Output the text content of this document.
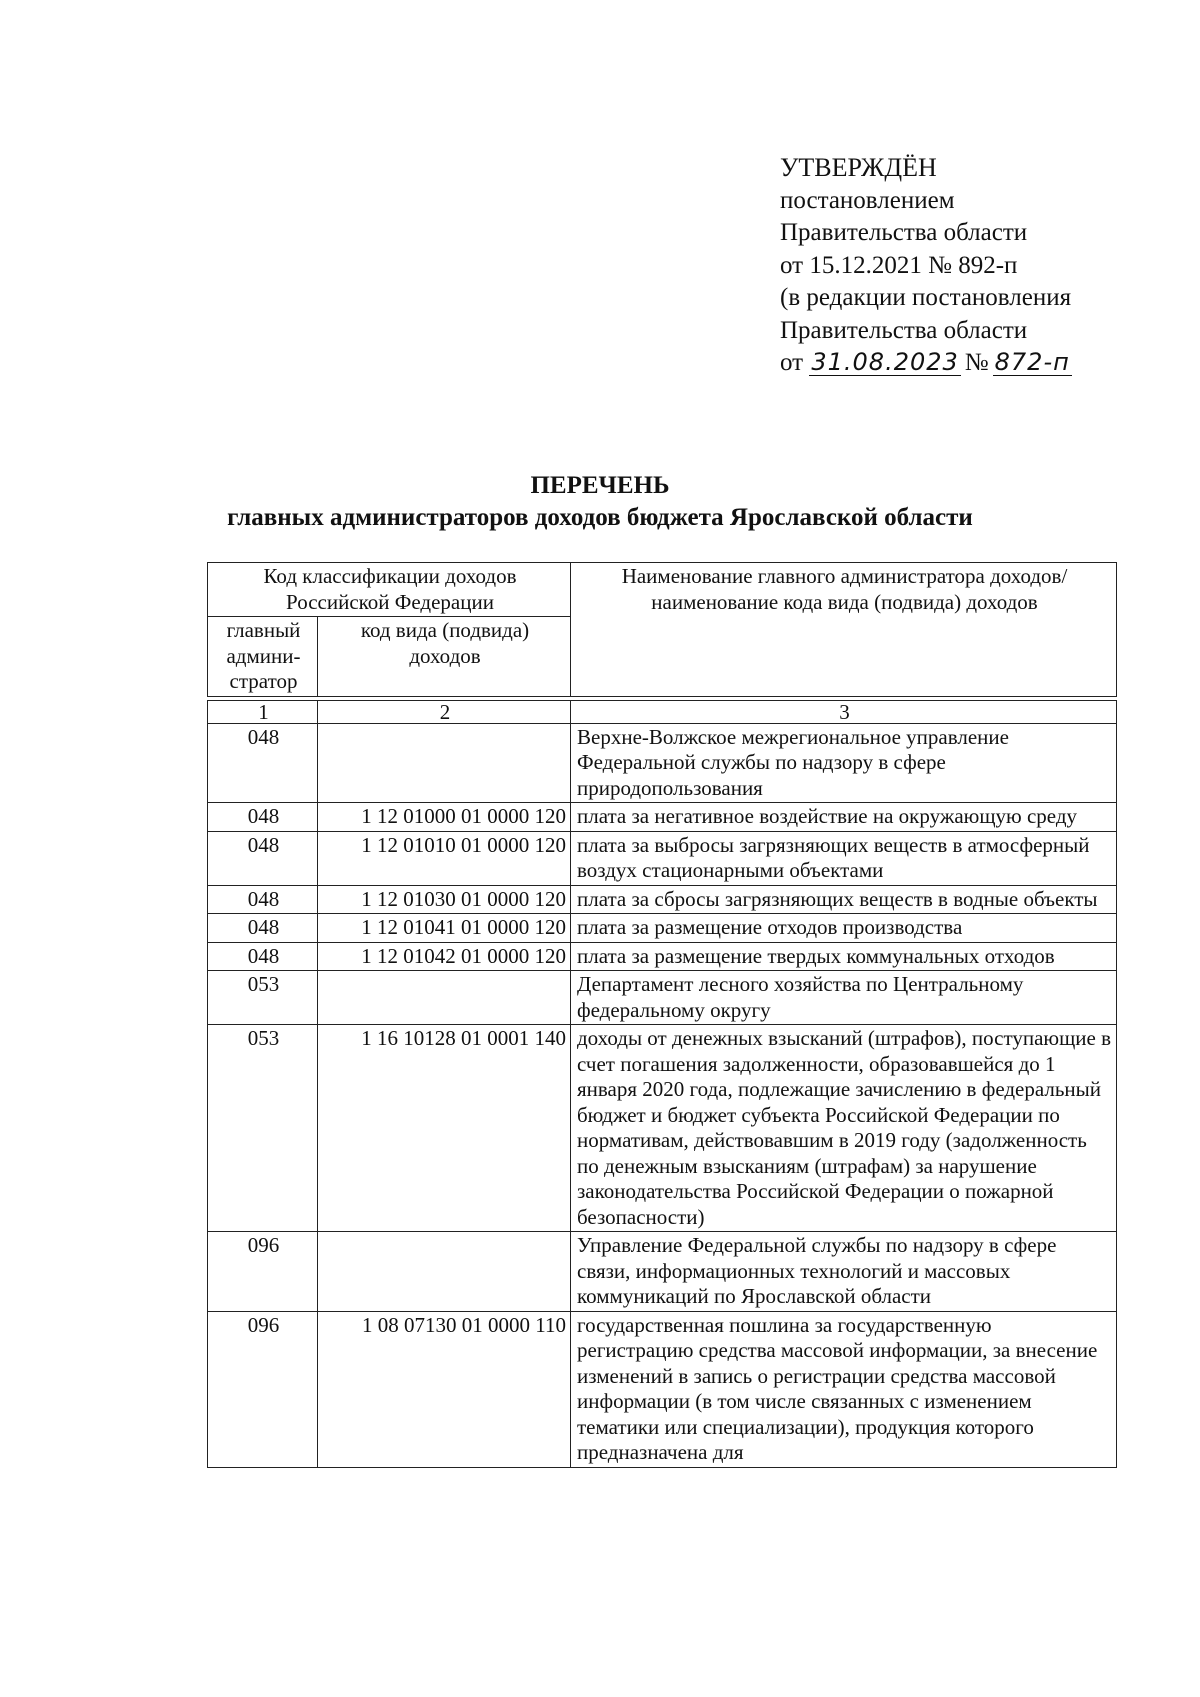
УТВЕРЖДЁН
постановлением
Правительства области
от 15.12.2021 № 892-п
(в редакции постановления
Правительства области
от 31.08.2023 № 872-п
ПЕРЕЧЕНЬ
главных администраторов доходов бюджета Ярославской области
Код классификации доходов Российской Федерации		Наименование главного администратора доходов/наименование кода вида (подвида) доходов
главный админи-стратор	код вида (подвида) доходов	

1	2	3
048		Верхне-Волжское межрегиональное управление Федеральной службы по надзору в сфере природопользования
048	1 12 01000 01 0000 120	плата за негативное воздействие на окружающую среду
048	1 12 01010 01 0000 120	плата за выбросы загрязняющих веществ в атмосферный воздух стационарными объектами
048	1 12 01030 01 0000 120	плата за сбросы загрязняющих веществ в водные объекты
048	1 12 01041 01 0000 120	плата за размещение отходов производства
048	1 12 01042 01 0000 120	плата за размещение твердых коммунальных отходов
053		Департамент лесного хозяйства по Центральному федеральному округу
053	1 16 10128 01 0001 140	доходы от денежных взысканий (штрафов), поступающие в счет погашения задолженности, образовавшейся до 1 января 2020 года, подлежащие зачислению в федеральный бюджет и бюджет субъекта Российской Федерации по нормативам, действовавшим в 2019 году (задолженность по денежным взысканиям (штрафам) за нарушение законодательства Российской Федерации о пожарной безопасности)
096		Управление Федеральной службы по надзору в сфере связи, информационных технологий и массовых коммуникаций по Ярославской области
096	1 08 07130 01 0000 110	государственная пошлина за государственную регистрацию средства массовой информации, за внесение изменений в запись о регистрации средства массовой информации (в том числе связанных с изменением тематики или специализации), продукция которого предназначена для
